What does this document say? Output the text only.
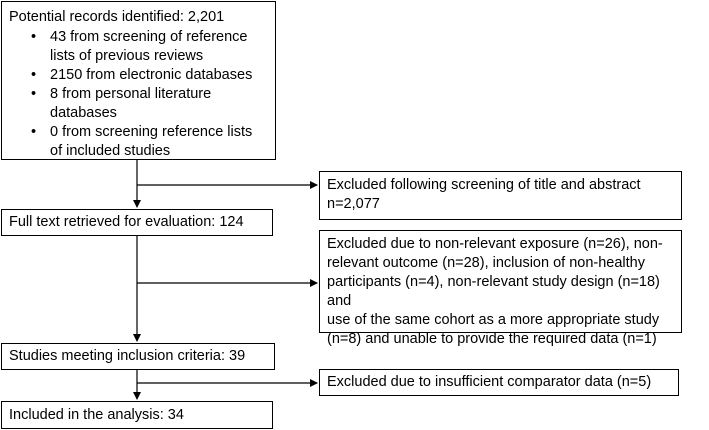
Potential records identified: 2,201

• 43 from screening of reference
lists of previous reviews
• 2150 from electronic databases
• 8 from personal literature
databases
• 0 from screening reference lists
of included studies

Full text retrieved for evaluation: 124

Studies meeting inclusion criteria: 39

Included in the analysis: 34

Excluded following screening of title and abstract

n=2,077

Excluded due to non-relevant exposure (n=26), non-

relevant outcome (n=28), inclusion of non-healthy

participants (n=4), non-relevant study design (n=18) and

use of the same cohort as a more appropriate study

(n=8) and unable to provide the required data (n=1)

Excluded due to insufficient comparator data (n=5)
